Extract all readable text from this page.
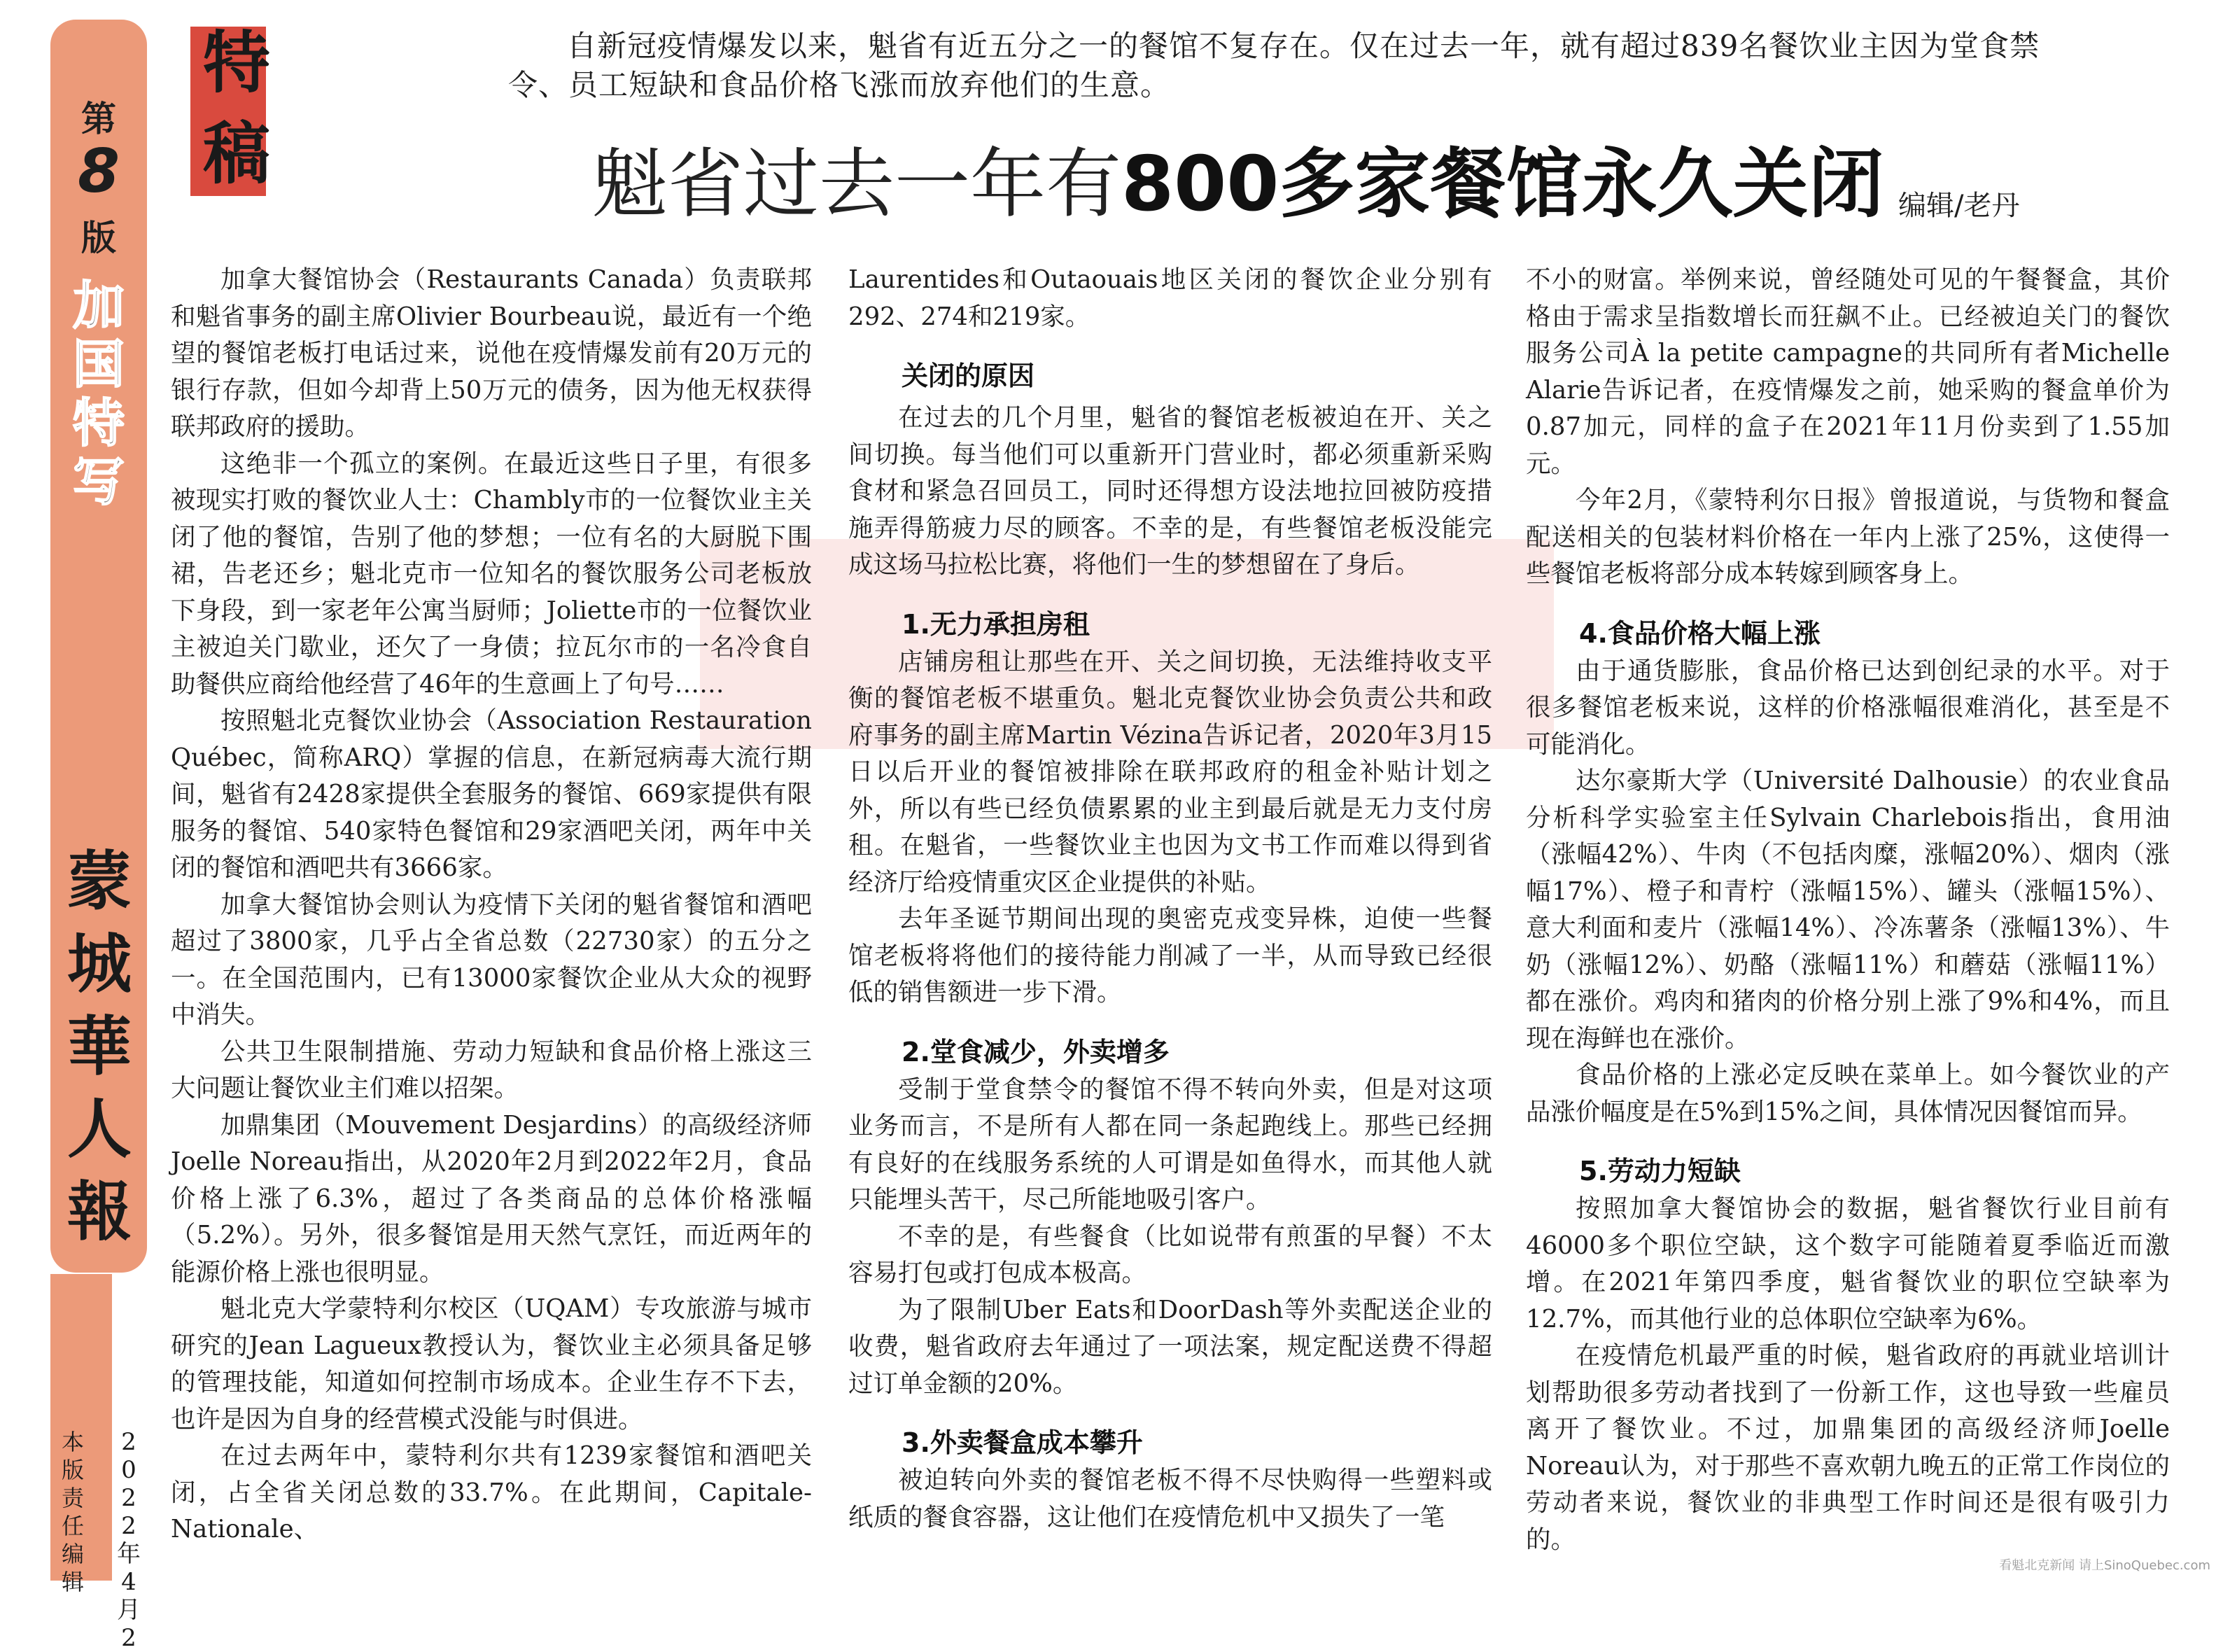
第
8
版
加
国
特
写
蒙
城
華
人
報
本
版
责
任
编
辑
2
0
2
2
年
4
月
2
特
稿
自新冠疫情爆发以来，魁省有近五分之一的餐馆不复存在。仅在过去一年，就有超过839名餐饮业主因为堂食禁令、员工短缺和食品价格飞涨而放弃他们的生意。
魁省过去一年有800多家餐馆永久关闭 编辑/老丹

加拿大餐馆协会（Restaurants Canada）负责联邦和魁省事务的副主席Olivier Bourbeau说，最近有一个绝望的餐馆老板打电话过来，说他在疫情爆发前有20万元的银行存款，但如今却背上50万元的债务，因为他无权获得联邦政府的援助。

这绝非一个孤立的案例。在最近这些日子里，有很多被现实打败的餐饮业人士：Chambly市的一位餐饮业主关闭了他的餐馆，告别了他的梦想；一位有名的大厨脱下围裙，告老还乡；魁北克市一位知名的餐饮服务公司老板放下身段，到一家老年公寓当厨师；Joliette市的一位餐饮业主被迫关门歇业，还欠了一身债；拉瓦尔市的一名冷食自助餐供应商给他经营了46年的生意画上了句号……

按照魁北克餐饮业协会（Association Restauration Québec，简称ARQ）掌握的信息，在新冠病毒大流行期间，魁省有2428家提供全套服务的餐馆、669家提供有限服务的餐馆、540家特色餐馆和29家酒吧关闭，两年中关闭的餐馆和酒吧共有3666家。

加拿大餐馆协会则认为疫情下关闭的魁省餐馆和酒吧超过了3800家，几乎占全省总数（22730家）的五分之一。在全国范围内，已有13000家餐饮企业从大众的视野中消失。

公共卫生限制措施、劳动力短缺和食品价格上涨这三大问题让餐饮业主们难以招架。

加鼎集团（Mouvement Desjardins）的高级经济师Joelle Noreau指出，从2020年2月到2022年2月，食品价格上涨了6.3%，超过了各类商品的总体价格涨幅（5.2%）。另外，很多餐馆是用天然气烹饪，而近两年的能源价格上涨也很明显。

魁北克大学蒙特利尔校区（UQAM）专攻旅游与城市研究的Jean Lagueux教授认为，餐饮业主必须具备足够的管理技能，知道如何控制市场成本。企业生存不下去，也许是因为自身的经营模式没能与时俱进。

在过去两年中，蒙特利尔共有1239家餐馆和酒吧关闭，占全省关闭总数的33.7%。在此期间，Capitale-Nationale、

Laurentides和Outaouais地区关闭的餐饮企业分别有292、274和219家。

关闭的原因

在过去的几个月里，魁省的餐馆老板被迫在开、关之间切换。每当他们可以重新开门营业时，都必须重新采购食材和紧急召回员工，同时还得想方设法地拉回被防疫措施弄得筋疲力尽的顾客。不幸的是，有些餐馆老板没能完成这场马拉松比赛，将他们一生的梦想留在了身后。

1.无力承担房租

店铺房租让那些在开、关之间切换，无法维持收支平衡的餐馆老板不堪重负。魁北克餐饮业协会负责公共和政府事务的副主席Martin Vézina告诉记者，2020年3月15日以后开业的餐馆被排除在联邦政府的租金补贴计划之外，所以有些已经负债累累的业主到最后就是无力支付房租。在魁省，一些餐饮业主也因为文书工作而难以得到省经济厅给疫情重灾区企业提供的补贴。

去年圣诞节期间出现的奥密克戎变异株，迫使一些餐馆老板将将他们的接待能力削减了一半，从而导致已经很低的销售额进一步下滑。

2.堂食减少，外卖增多

受制于堂食禁令的餐馆不得不转向外卖，但是对这项业务而言，不是所有人都在同一条起跑线上。那些已经拥有良好的在线服务系统的人可谓是如鱼得水，而其他人就只能埋头苦干，尽己所能地吸引客户。

不幸的是，有些餐食（比如说带有煎蛋的早餐）不太容易打包或打包成本极高。

为了限制Uber Eats和DoorDash等外卖配送企业的收费，魁省政府去年通过了一项法案，规定配送费不得超过订单金额的20%。

3.外卖餐盒成本攀升

被迫转向外卖的餐馆老板不得不尽快购得一些塑料或纸质的餐食容器，这让他们在疫情危机中又损失了一笔

不小的财富。举例来说，曾经随处可见的午餐餐盒，其价格由于需求呈指数增长而狂飙不止。已经被迫关门的餐饮服务公司À la petite campagne的共同所有者Michelle Alarie告诉记者，在疫情爆发之前，她采购的餐盒单价为0.87加元，同样的盒子在2021年11月份卖到了1.55加元。

今年2月，《蒙特利尔日报》曾报道说，与货物和餐盒配送相关的包装材料价格在一年内上涨了25%，这使得一些餐馆老板将部分成本转嫁到顾客身上。

4.食品价格大幅上涨

由于通货膨胀，食品价格已达到创纪录的水平。对于很多餐馆老板来说，这样的价格涨幅很难消化，甚至是不可能消化。

达尔豪斯大学（Université Dalhousie）的农业食品分析科学实验室主任Sylvain Charlebois指出，食用油（涨幅42%）、牛肉（不包括肉糜，涨幅20%）、烟肉（涨幅17%）、橙子和青柠（涨幅15%）、罐头（涨幅15%）、意大利面和麦片（涨幅14%）、冷冻薯条（涨幅13%）、牛奶（涨幅12%）、奶酪（涨幅11%）和蘑菇（涨幅11%） 都在涨价。鸡肉和猪肉的价格分别上涨了9%和4%，而且现在海鲜也在涨价。

食品价格的上涨必定反映在菜单上。如今餐饮业的产品涨价幅度是在5%到15%之间，具体情况因餐馆而异。

5.劳动力短缺

按照加拿大餐馆协会的数据，魁省餐饮行业目前有46000多个职位空缺，这个数字可能随着夏季临近而激增。在2021年第四季度，魁省餐饮业的职位空缺率为12.7%，而其他行业的总体职位空缺率为6%。

在疫情危机最严重的时候，魁省政府的再就业培训计划帮助很多劳动者找到了一份新工作，这也导致一些雇员离开了餐饮业。不过，加鼎集团的高级经济师Joelle Noreau认为，对于那些不喜欢朝九晚五的正常工作岗位的劳动者来说，餐饮业的非典型工作时间还是很有吸引力的。

看魁北克新闻 请上SinoQuebec.com
